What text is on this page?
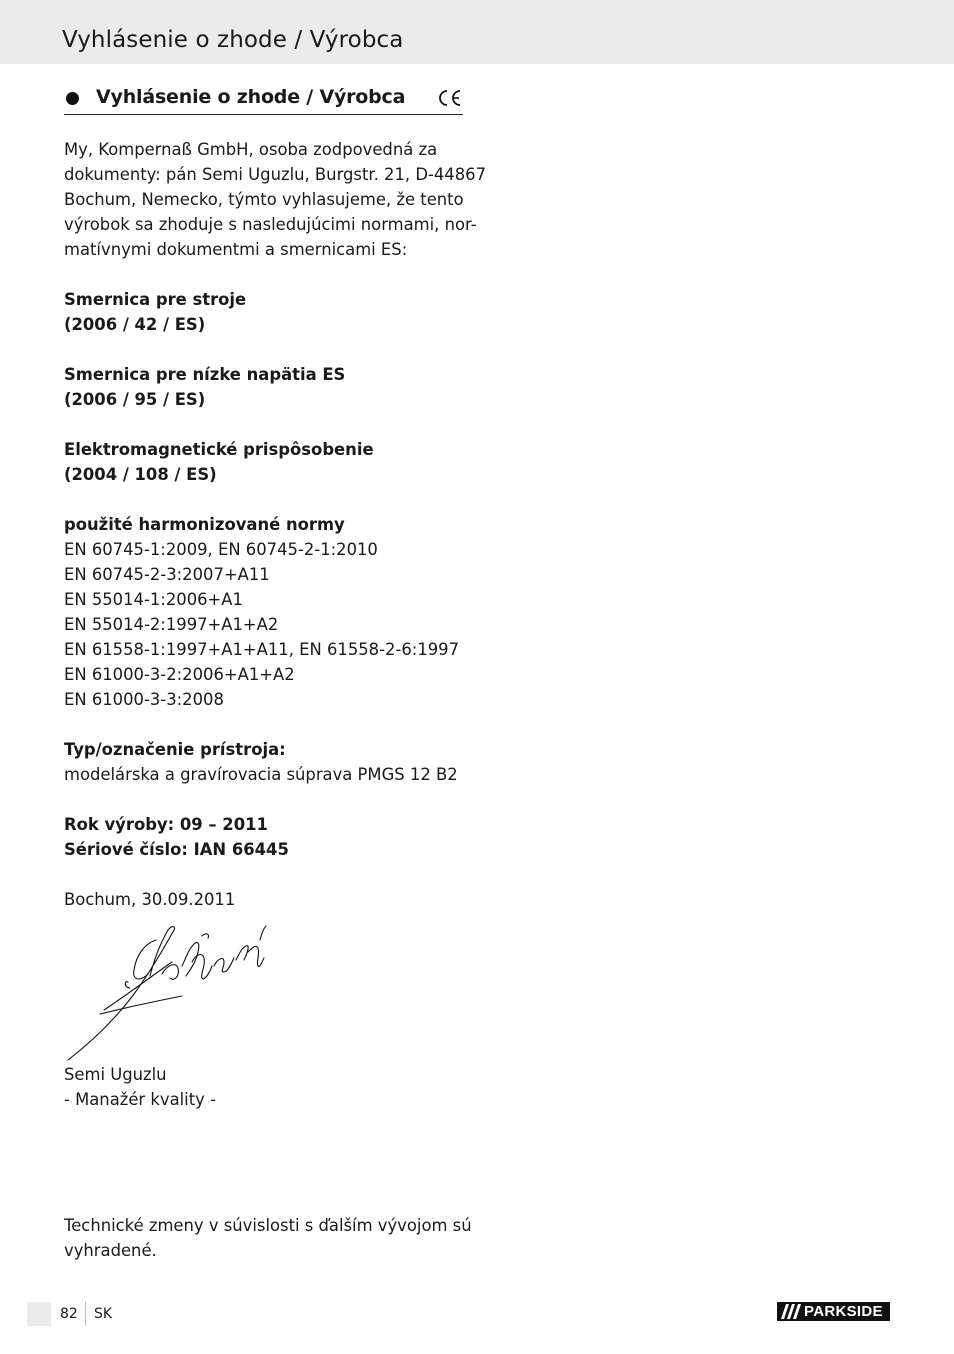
Vyhlásenie o zhode / Výrobca
Vyhlásenie o zhode / Výrobca

My, Kompernaß GmbH, osoba zodpovedná za

dokumenty: pán Semi Uguzlu, Burgstr. 21, D-44867

Bochum, Nemecko, týmto vyhlasujeme, že tento

výrobok sa zhoduje s nasledujúcimi normami, nor-

matívnymi dokumentmi a smernicami ES:

Smernica pre stroje

(2006 / 42 / ES)

Smernica pre nízke napätia ES

(2006 / 95 / ES)

Elektromagnetické prispôsobenie

(2004 / 108 / ES)

použité harmonizované normy

EN 60745-1:2009, EN 60745-2-1:2010

EN 60745-2-3:2007+A11

EN 55014-1:2006+A1

EN 55014-2:1997+A1+A2

EN 61558-1:1997+A1+A11, EN 61558-2-6:1997

EN 61000-3-2:2006+A1+A2

EN 61000-3-3:2008

Typ/označenie prístroja:

modelárska a gravírovacia súprava PMGS 12 B2

Rok výroby: 09 – 2011

Sériové číslo: IAN 66445

Bochum, 30.09.2011

Semi Uguzlu

- Manažér kvality -

Technické zmeny v súvislosti s ďalším vývojom sú

vyhradené.

82 SK	PARKSIDE
